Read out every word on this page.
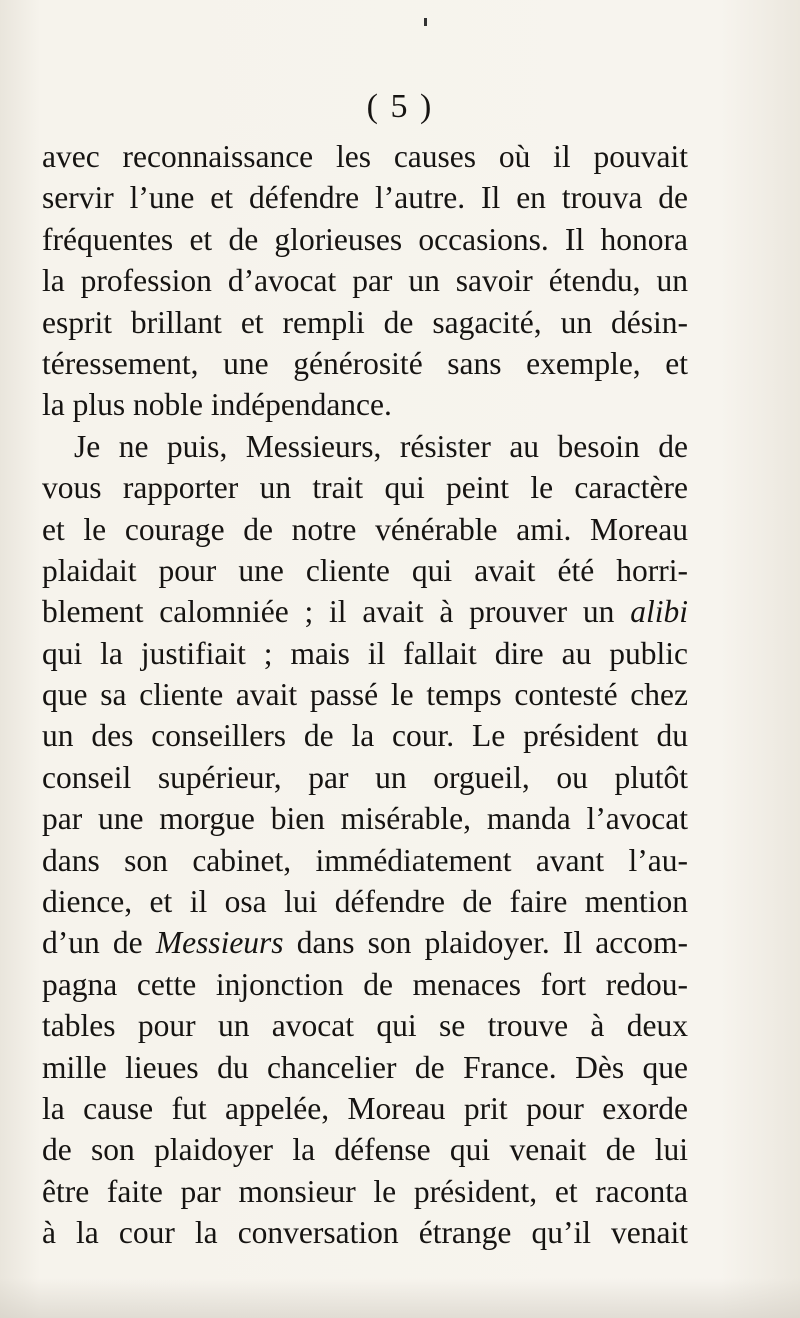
( 5 )
avec reconnaissance les causes où il pouvait
servir l’une et défendre l’autre. Il en trouva de
fréquentes et de glorieuses occasions. Il honora
la profession d’avocat par un savoir étendu, un
esprit brillant et rempli de sagacité, un désin-
téressement, une générosité sans exemple, et
la plus noble indépendance.
Je ne puis, Messieurs, résister au besoin de
vous rapporter un trait qui peint le caractère
et le courage de notre vénérable ami. Moreau
plaidait pour une cliente qui avait été horri-
blement calomniée ; il avait à prouver un alibi
qui la justifiait ; mais il fallait dire au public
que sa cliente avait passé le temps contesté chez
un des conseillers de la cour. Le président du
conseil supérieur, par un orgueil, ou plutôt
par une morgue bien misérable, manda l’avocat
dans son cabinet, immédiatement avant l’au-
dience, et il osa lui défendre de faire mention
d’un de Messieurs dans son plaidoyer. Il accom-
pagna cette injonction de menaces fort redou-
tables pour un avocat qui se trouve à deux
mille lieues du chancelier de France. Dès que
la cause fut appelée, Moreau prit pour exorde
de son plaidoyer la défense qui venait de lui
être faite par monsieur le président, et raconta
à la cour la conversation étrange qu’il venait
